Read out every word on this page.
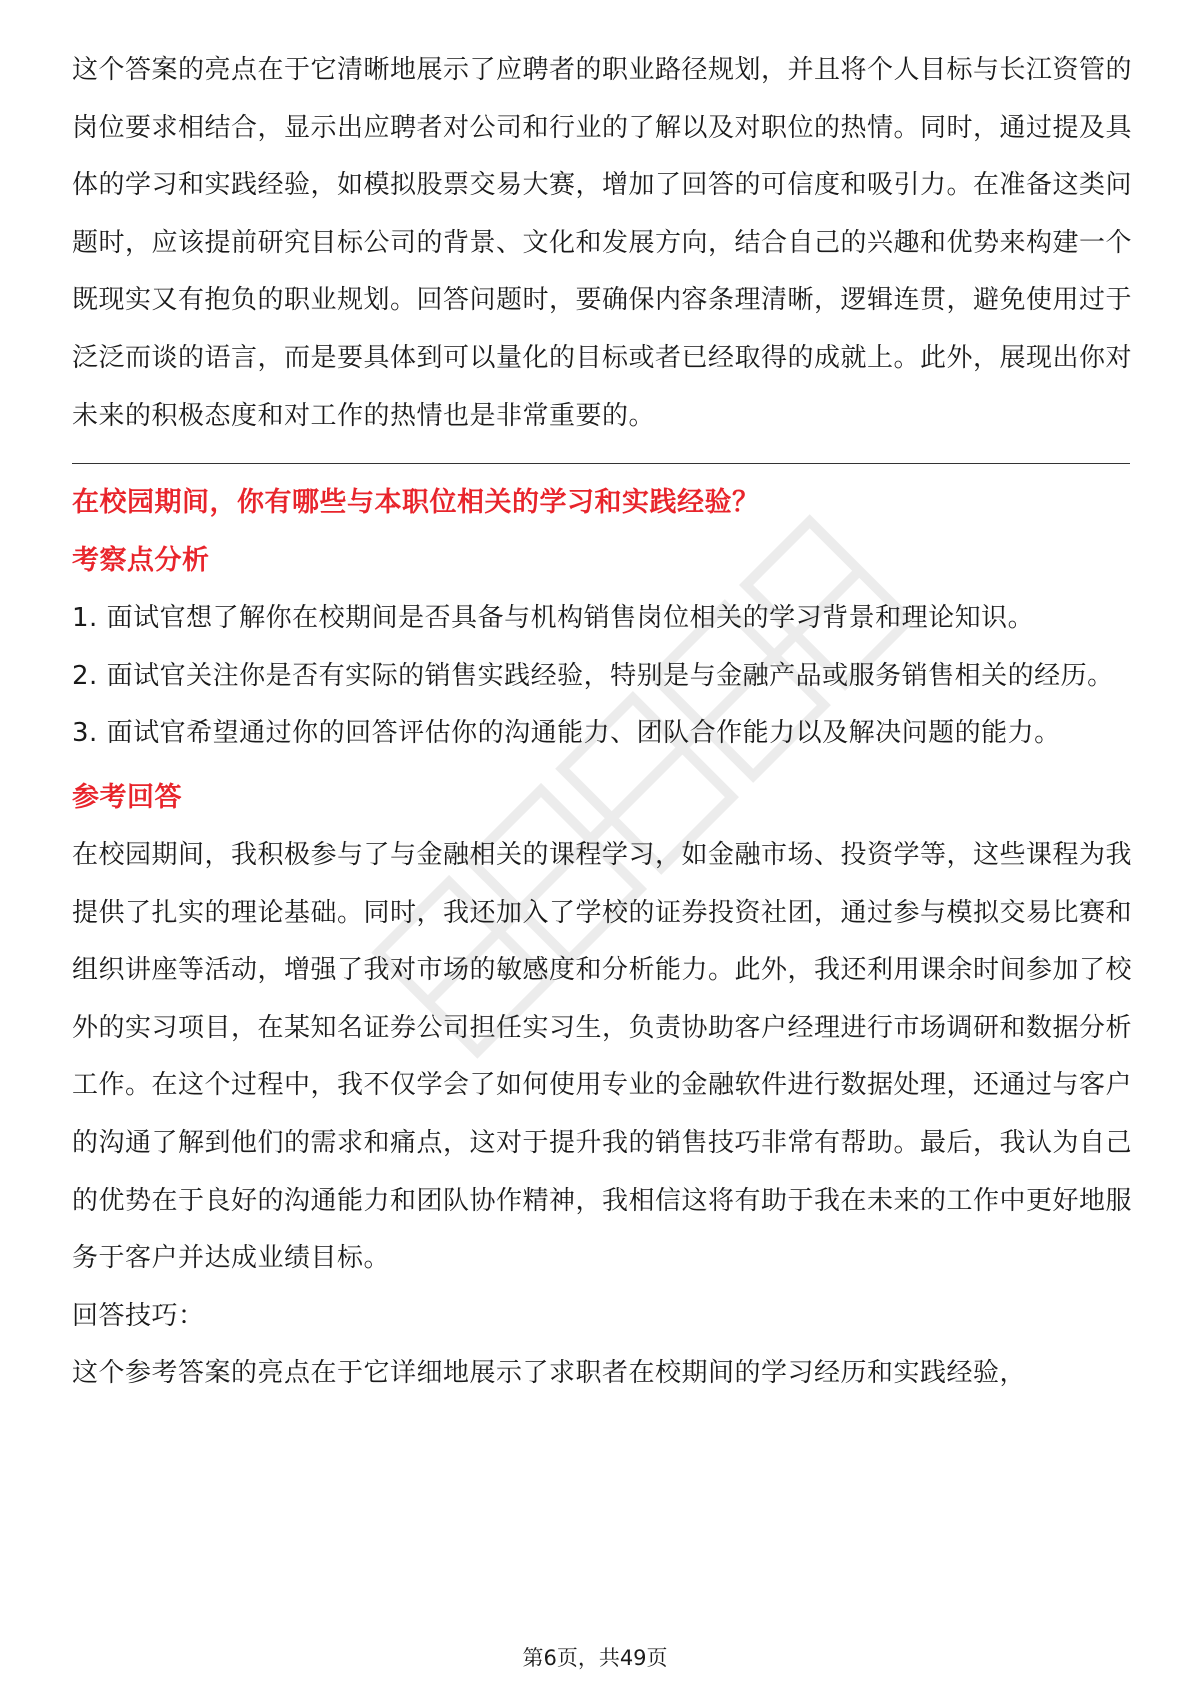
这个答案的亮点在于它清晰地展示了应聘者的职业路径规划，并且将个人目标与长江资管的岗位要求相结合，显示出应聘者对公司和行业的了解以及对职位的热情。同时，通过提及具体的学习和实践经验，如模拟股票交易大赛，增加了回答的可信度和吸引力。在准备这类问题时，应该提前研究目标公司的背景、文化和发展方向，结合自己的兴趣和优势来构建一个既现实又有抱负的职业规划。回答问题时，要确保内容条理清晰，逻辑连贯，避免使用过于泛泛而谈的语言，而是要具体到可以量化的目标或者已经取得的成就上。此外，展现出你对未来的积极态度和对工作的热情也是非常重要的。

在校园期间，你有哪些与本职位相关的学习和实践经验？

考察点分析

1. 面试官想了解你在校期间是否具备与机构销售岗位相关的学习背景和理论知识。

2. 面试官关注你是否有实际的销售实践经验，特别是与金融产品或服务销售相关的经历。

3. 面试官希望通过你的回答评估你的沟通能力、团队合作能力以及解决问题的能力。

参考回答

在校园期间，我积极参与了与金融相关的课程学习，如金融市场、投资学等，这些课程为我提供了扎实的理论基础。同时，我还加入了学校的证券投资社团，通过参与模拟交易比赛和组织讲座等活动，增强了我对市场的敏感度和分析能力。此外，我还利用课余时间参加了校外的实习项目，在某知名证券公司担任实习生，负责协助客户经理进行市场调研和数据分析工作。在这个过程中，我不仅学会了如何使用专业的金融软件进行数据处理，还通过与客户的沟通了解到他们的需求和痛点，这对于提升我的销售技巧非常有帮助。最后，我认为自己的优势在于良好的沟通能力和团队协作精神，我相信这将有助于我在未来的工作中更好地服务于客户并达成业绩目标。

回答技巧：

这个参考答案的亮点在于它详细地展示了求职者在校期间的学习经历和实践经验，

第6页，共49页
